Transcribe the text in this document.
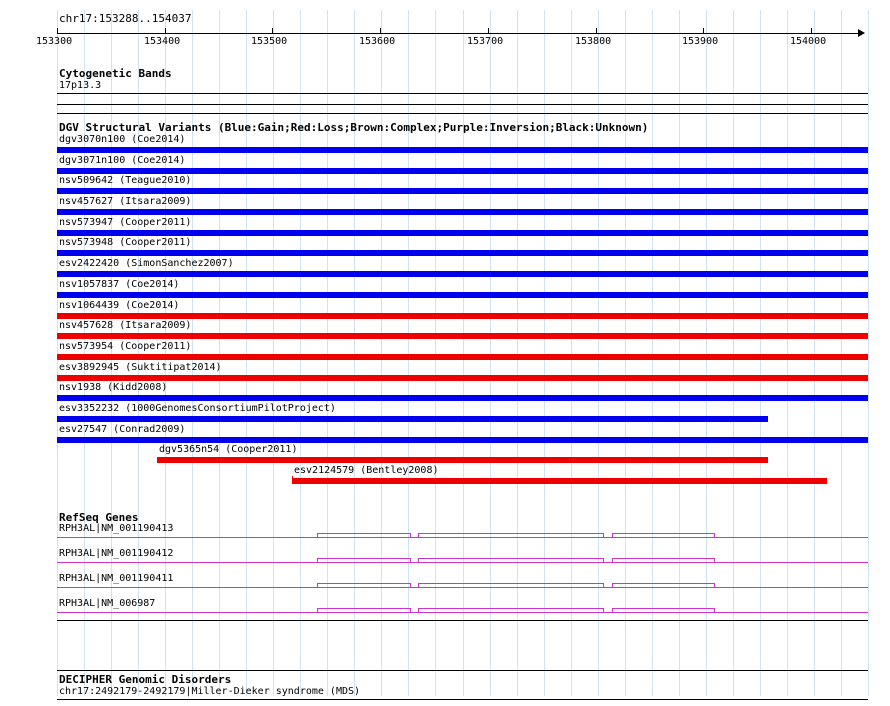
chr17:153288..154037
153300	153400	153500	153600	153700	153800	153900	154000
Cytogenetic Bands
17p13.3
DGV Structural Variants (Blue:Gain;Red:Loss;Brown:Complex;Purple:Inversion;Black:Unknown)
dgv3070n100 (Coe2014)
dgv3071n100 (Coe2014)
nsv509642 (Teague2010)
nsv457627 (Itsara2009)
nsv573947 (Cooper2011)
nsv573948 (Cooper2011)
esv2422420 (SimonSanchez2007)
nsv1057837 (Coe2014)
nsv1064439 (Coe2014)
nsv457628 (Itsara2009)
nsv573954 (Cooper2011)
esv3892945 (Suktitipat2014)
nsv1938 (Kidd2008)
esv3352232 (1000GenomesConsortiumPilotProject)
esv27547 (Conrad2009)
dgv5365n54 (Cooper2011)
esv2124579 (Bentley2008)
RefSeq Genes
RPH3AL|NM_001190413
RPH3AL|NM_001190412
RPH3AL|NM_001190411
RPH3AL|NM_006987
DECIPHER Genomic Disorders
chr17:2492179-2492179|Miller-Dieker syndrome (MDS)
